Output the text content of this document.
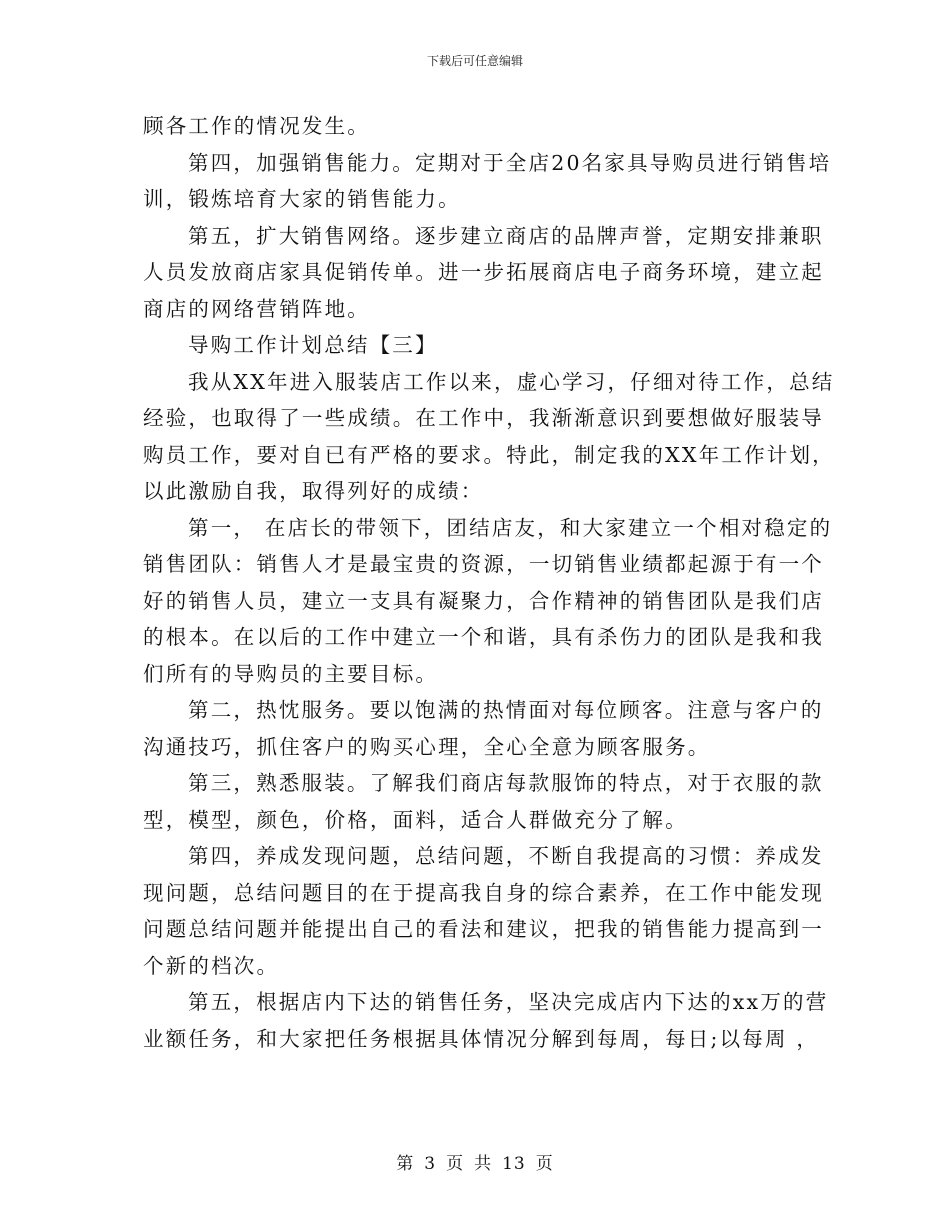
下载后可任意编辑
顾各工作的情况发生。
第四，加强销售能力。定期对于全店20名家具导购员进行销售培
训，锻炼培育大家的销售能力。
第五，扩大销售网络。逐步建立商店的品牌声誉，定期安排兼职
人员发放商店家具促销传单。进一步拓展商店电子商务环境，建立起
商店的网络营销阵地。
导购工作计划总结【三】
我从XX年进入服装店工作以来，虚心学习，仔细对待工作，总结
经验，也取得了一些成绩。在工作中，我渐渐意识到要想做好服装导
购员工作，要对自已有严格的要求。特此，制定我的XX年工作计划，
以此激励自我，取得列好的成绩：
第一， 在店长的带领下，团结店友，和大家建立一个相对稳定的
销售团队：销售人才是最宝贵的资源，一切销售业绩都起源于有一个
好的销售人员，建立一支具有凝聚力，合作精神的销售团队是我们店
的根本。在以后的工作中建立一个和谐，具有杀伤力的团队是我和我
们所有的导购员的主要目标。
第二，热忱服务。要以饱满的热情面对每位顾客。注意与客户的
沟通技巧，抓住客户的购买心理，全心全意为顾客服务。
第三，熟悉服装。了解我们商店每款服饰的特点，对于衣服的款
型，模型，颜色，价格，面料，适合人群做充分了解。
第四，养成发现问题，总结问题，不断自我提高的习惯：养成发
现问题，总结问题目的在于提高我自身的综合素养，在工作中能发现
问题总结问题并能提出自己的看法和建议，把我的销售能力提高到一
个新的档次。
第五，根据店内下达的销售任务，坚决完成店内下达的xx万的营
业额任务，和大家把任务根据具体情况分解到每周，每日;以每周 ，
第 3 页 共 13 页
